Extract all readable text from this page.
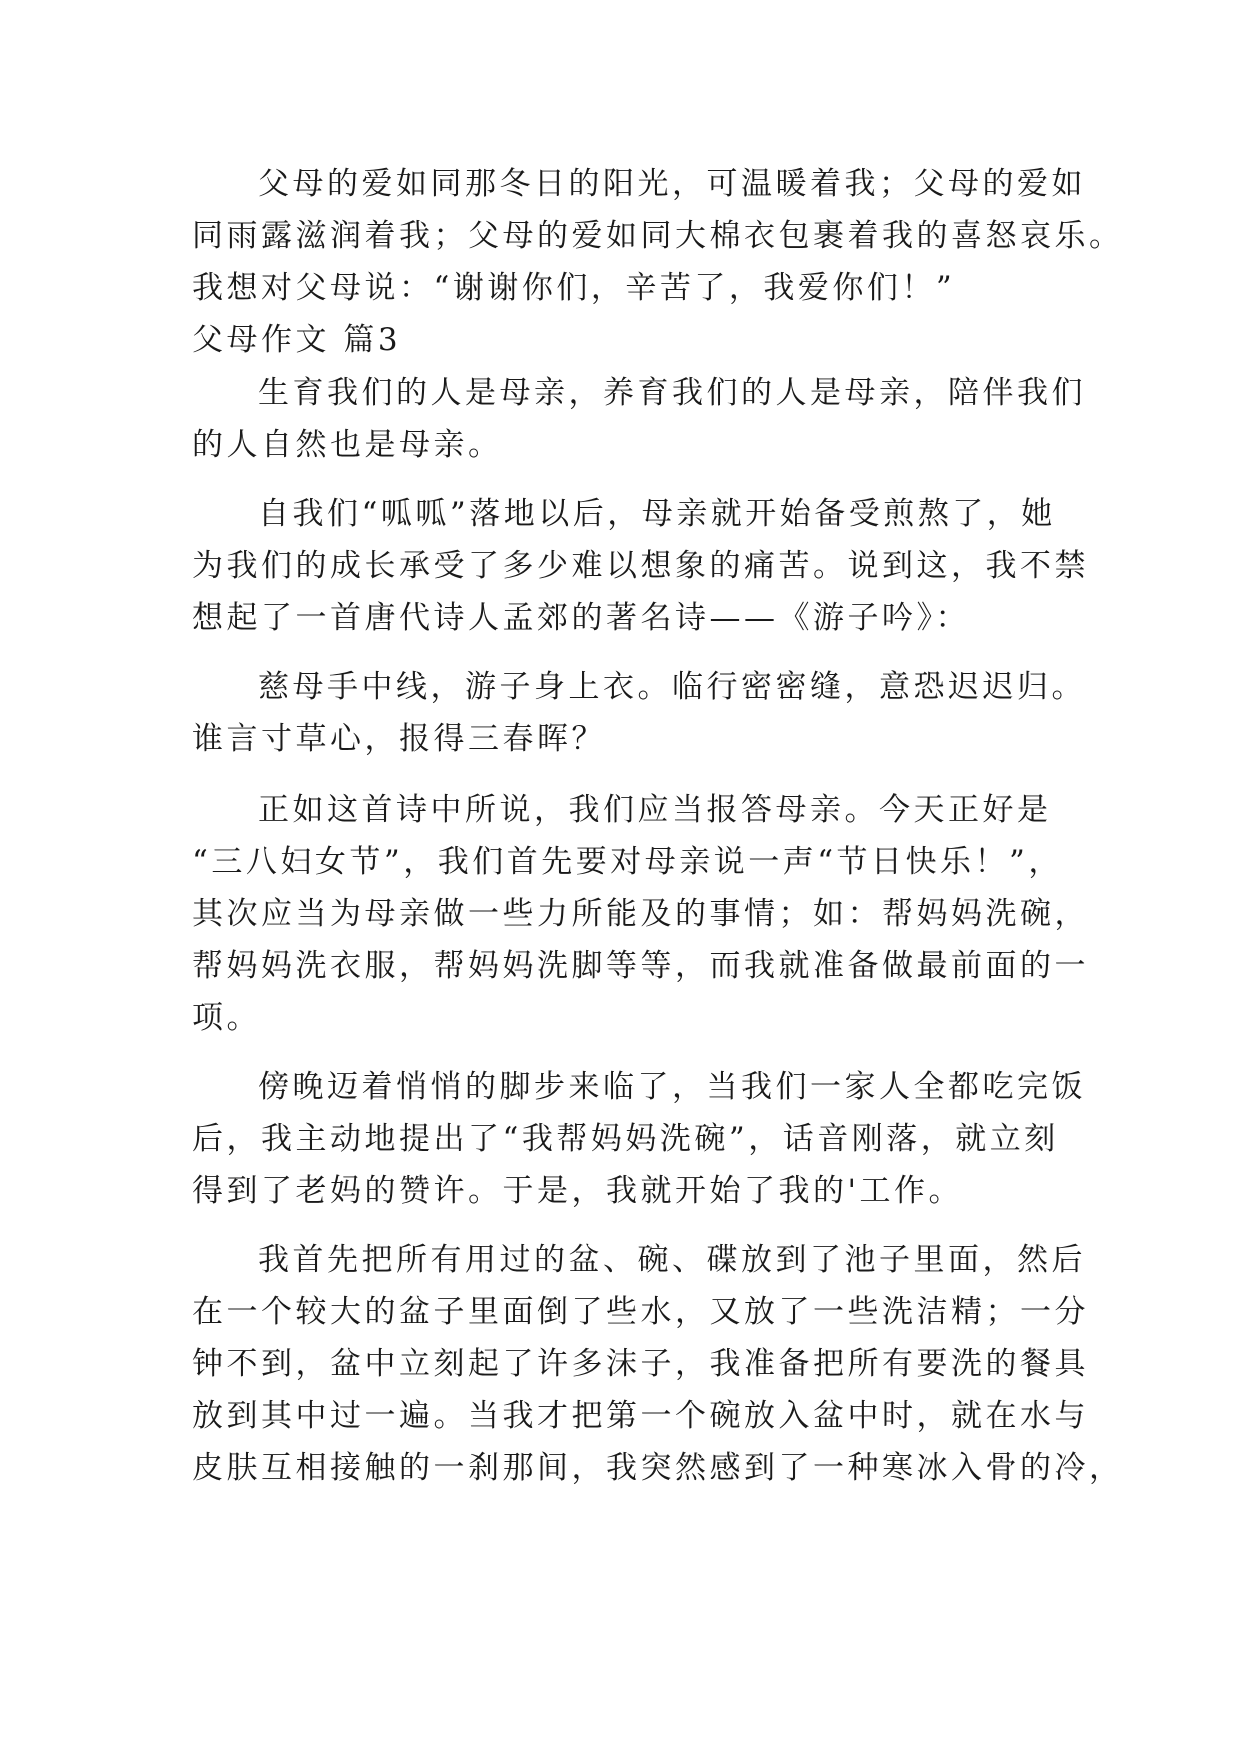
父母的爱如同那冬日的阳光，可温暖着我；父母的爱如
同雨露滋润着我；父母的爱如同大棉衣包裹着我的喜怒哀乐。
我想对父母说：“谢谢你们，辛苦了，我爱你们！”
父母作文 篇3
生育我们的人是母亲，养育我们的人是母亲，陪伴我们
的人自然也是母亲。
自我们“呱呱”落地以后，母亲就开始备受煎熬了，她
为我们的成长承受了多少难以想象的痛苦。说到这，我不禁
想起了一首唐代诗人孟郊的著名诗——《游子吟》：
慈母手中线，游子身上衣。临行密密缝，意恐迟迟归。
谁言寸草心，报得三春晖？
正如这首诗中所说，我们应当报答母亲。今天正好是
“三八妇女节”，我们首先要对母亲说一声“节日快乐！”，
其次应当为母亲做一些力所能及的事情；如：帮妈妈洗碗，
帮妈妈洗衣服，帮妈妈洗脚等等，而我就准备做最前面的一
项。
傍晚迈着悄悄的脚步来临了，当我们一家人全都吃完饭
后，我主动地提出了“我帮妈妈洗碗”，话音刚落，就立刻
得到了老妈的赞许。于是，我就开始了我的'工作。
我首先把所有用过的盆、碗、碟放到了池子里面，然后
在一个较大的盆子里面倒了些水，又放了一些洗洁精；一分
钟不到，盆中立刻起了许多沫子，我准备把所有要洗的餐具
放到其中过一遍。当我才把第一个碗放入盆中时，就在水与
皮肤互相接触的一刹那间，我突然感到了一种寒冰入骨的冷，
